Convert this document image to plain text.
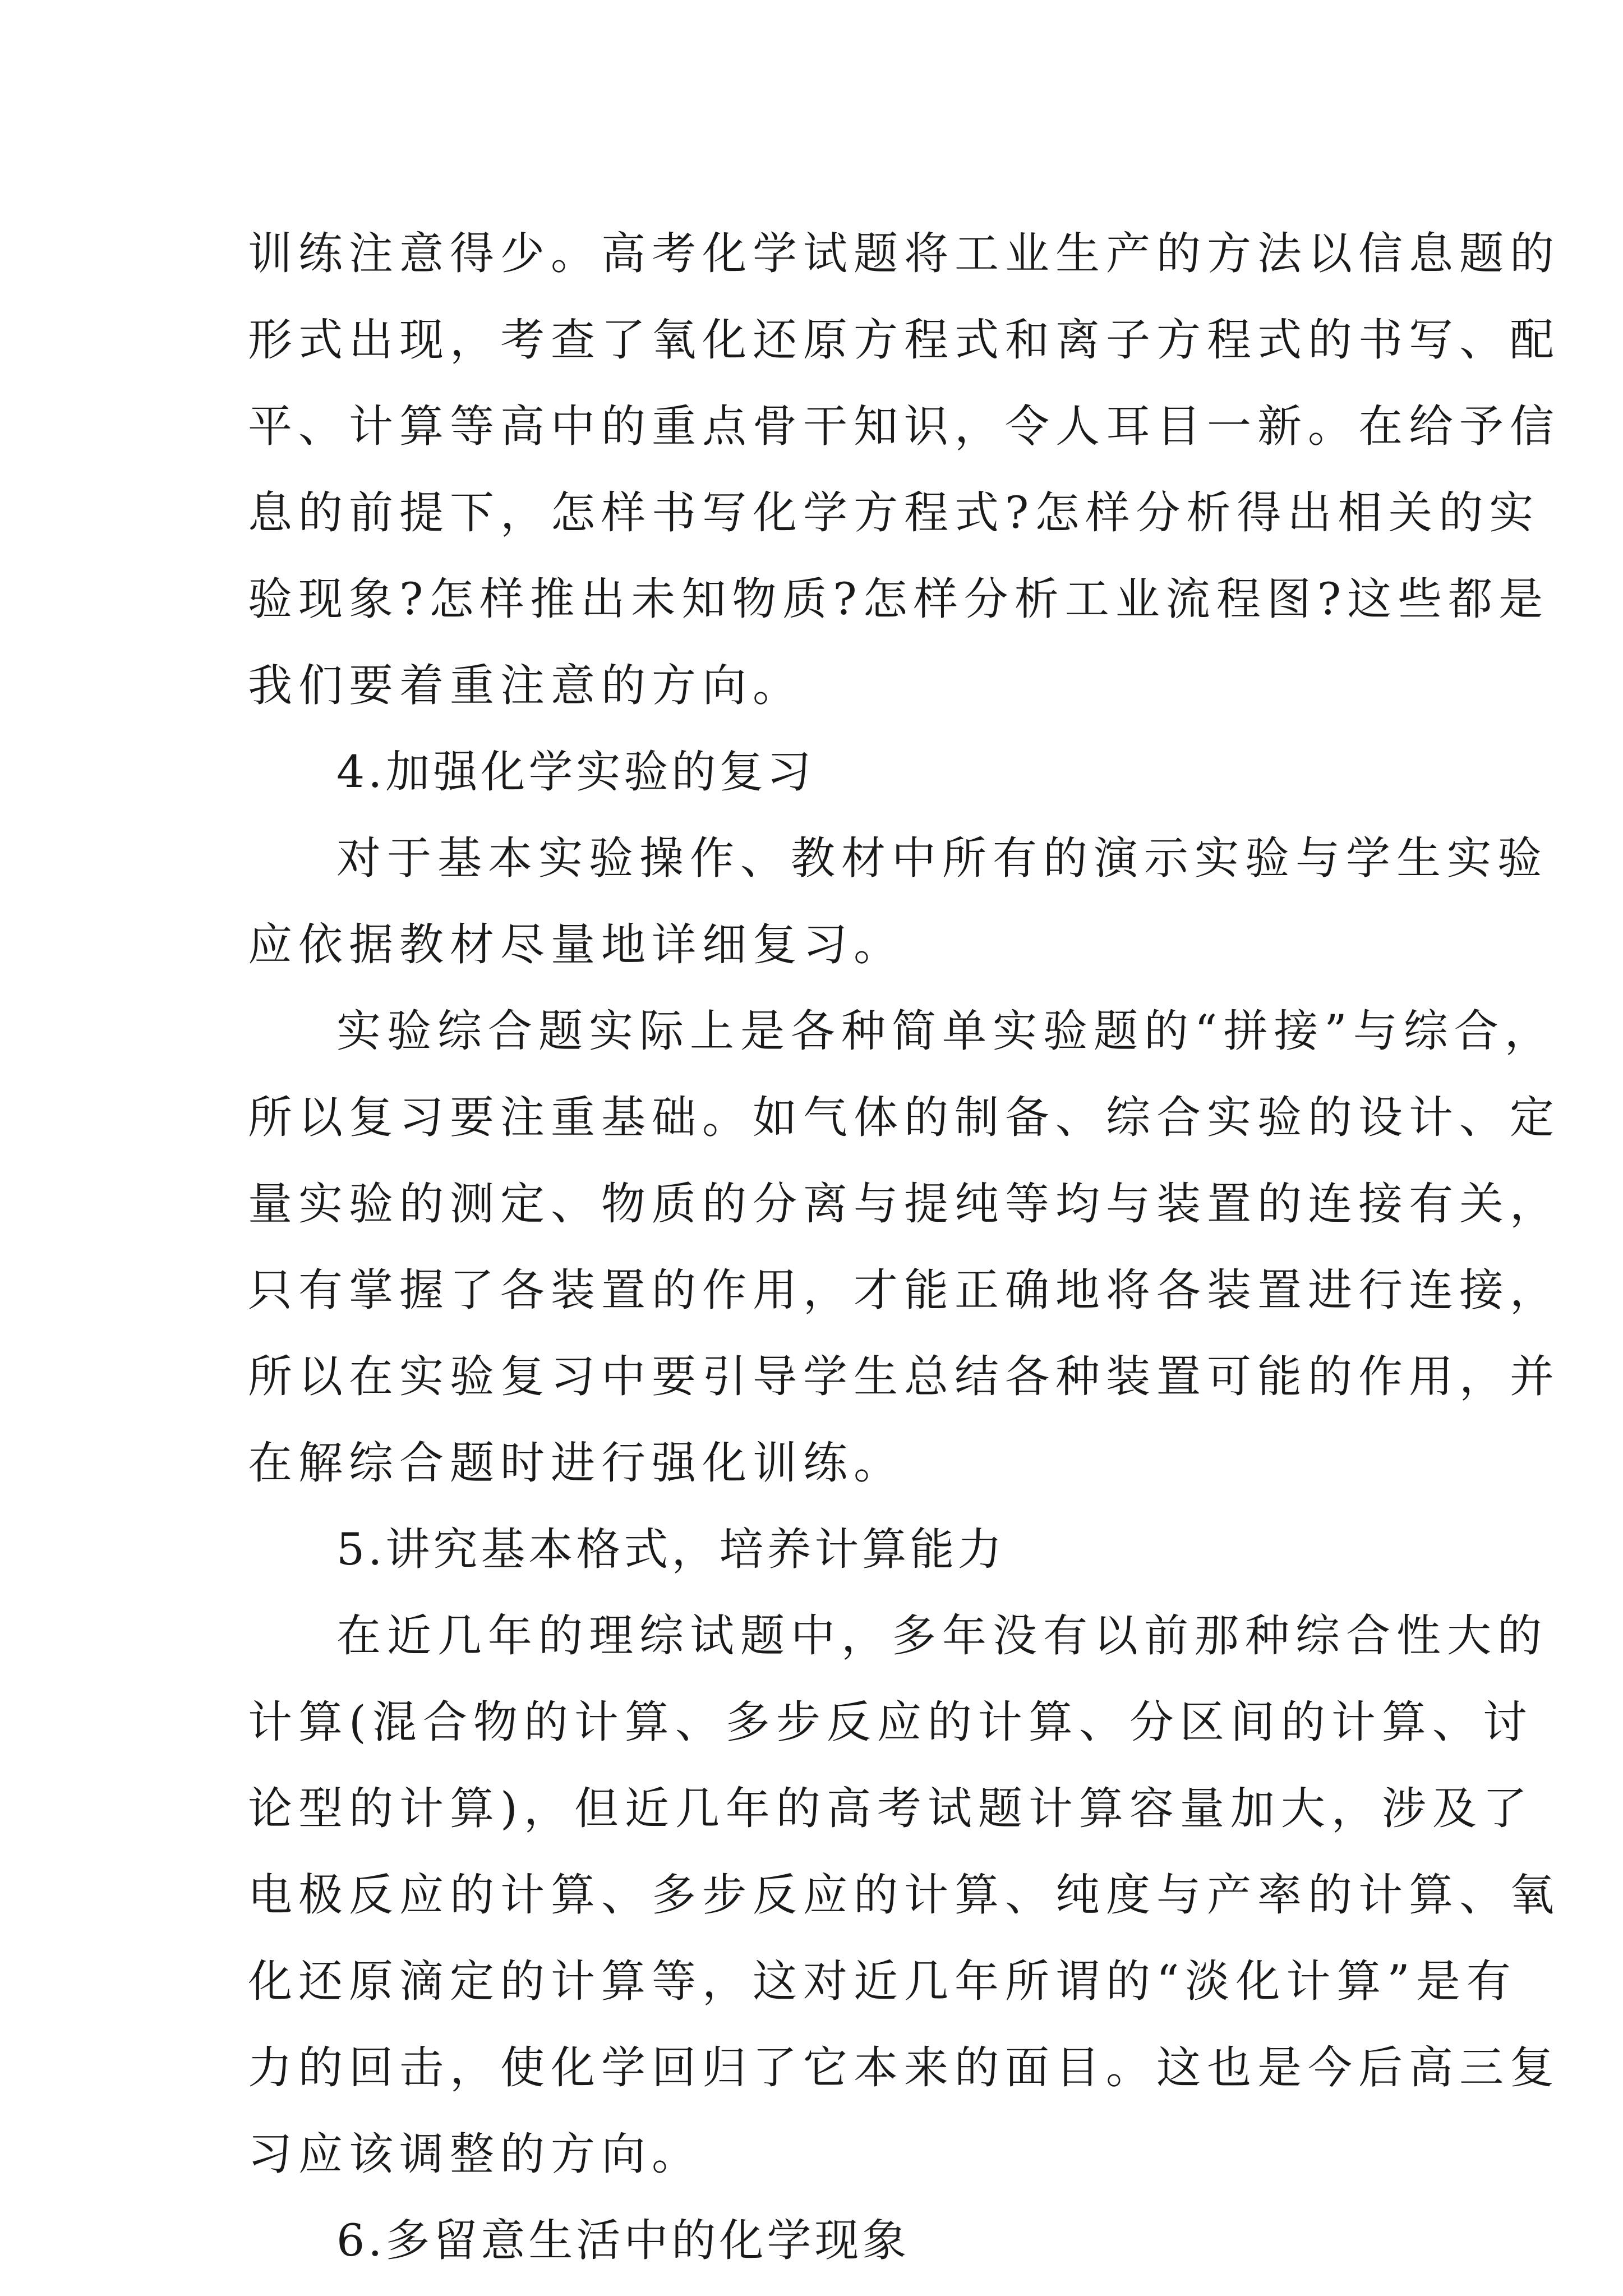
训练注意得少。高考化学试题将工业生产的方法以信息题的
形式出现，考查了氧化还原方程式和离子方程式的书写、配
平、计算等高中的重点骨干知识，令人耳目一新。在给予信
息的前提下，怎样书写化学方程式?怎样分析得出相关的实
验现象?怎样推出未知物质?怎样分析工业流程图?这些都是
我们要着重注意的方向。
4.加强化学实验的复习
对于基本实验操作、教材中所有的演示实验与学生实验
应依据教材尽量地详细复习。
实验综合题实际上是各种简单实验题的“拼接”与综合，
所以复习要注重基础。如气体的制备、综合实验的设计、定
量实验的测定、物质的分离与提纯等均与装置的连接有关，
只有掌握了各装置的作用，才能正确地将各装置进行连接，
所以在实验复习中要引导学生总结各种装置可能的作用，并
在解综合题时进行强化训练。
5.讲究基本格式，培养计算能力
在近几年的理综试题中，多年没有以前那种综合性大的
计算(混合物的计算、多步反应的计算、分区间的计算、讨
论型的计算)，但近几年的高考试题计算容量加大，涉及了
电极反应的计算、多步反应的计算、纯度与产率的计算、氧
化还原滴定的计算等，这对近几年所谓的“淡化计算”是有
力的回击，使化学回归了它本来的面目。这也是今后高三复
习应该调整的方向。
6.多留意生活中的化学现象
